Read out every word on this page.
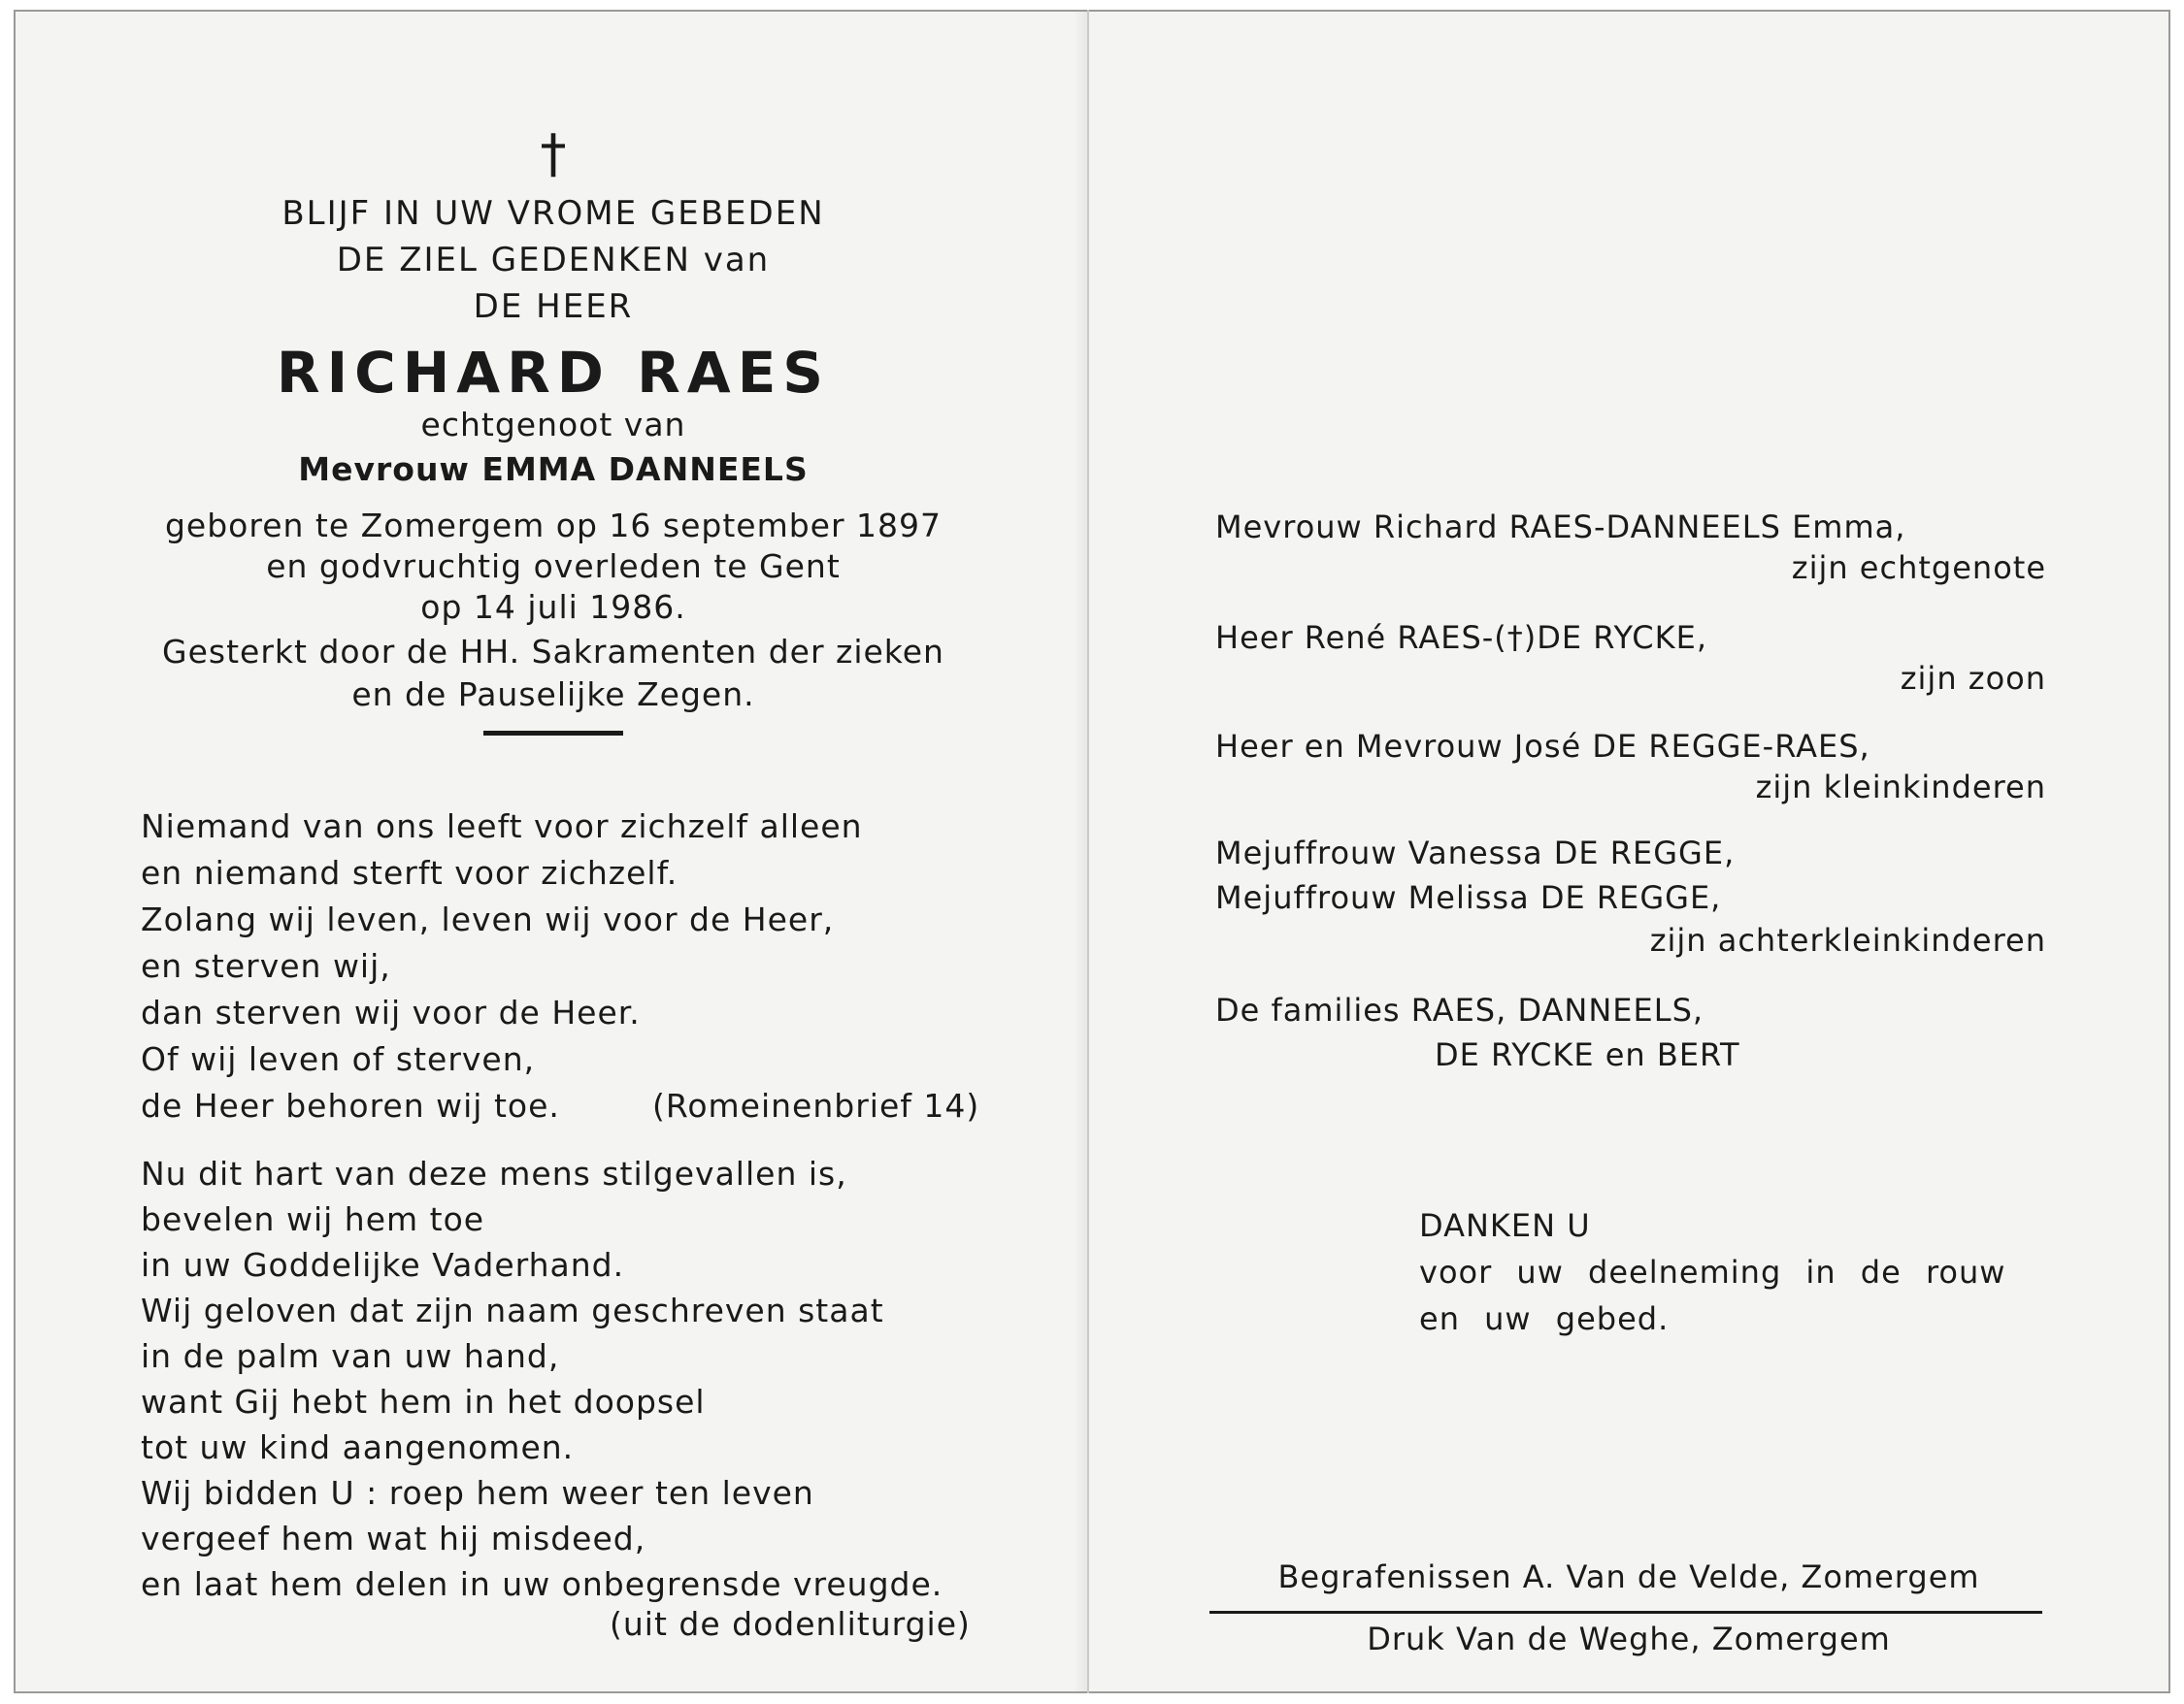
†
BLIJF IN UW VROME GEBEDEN
DE ZIEL GEDENKEN van
DE HEER
RICHARD RAES
echtgenoot van
Mevrouw EMMA DANNEELS
geboren te Zomergem op 16 september 1897
en godvruchtig overleden te Gent
op 14 juli 1986.
Gesterkt door de HH. Sakramenten der zieken
en de Pauselijke Zegen.
Niemand van ons leeft voor zichzelf alleen
en niemand sterft voor zichzelf.
Zolang wij leven, leven wij voor de Heer,
en sterven wij,
dan sterven wij voor de Heer.
Of wij leven of sterven,
de Heer behoren wij toe.	(Romeinenbrief 14)
Nu dit hart van deze mens stilgevallen is,
bevelen wij hem toe
in uw Goddelijke Vaderhand.
Wij geloven dat zijn naam geschreven staat
in de palm van uw hand,
want Gij hebt hem in het doopsel
tot uw kind aangenomen.
Wij bidden U : roep hem weer ten leven
vergeef hem wat hij misdeed,
en laat hem delen in uw onbegrensde vreugde.
(uit de dodenliturgie)
Mevrouw Richard RAES-DANNEELS Emma,
zijn echtgenote
Heer René RAES-(†)DE RYCKE,
zijn zoon
Heer en Mevrouw José DE REGGE-RAES,
zijn kleinkinderen
Mejuffrouw Vanessa DE REGGE,
Mejuffrouw Melissa DE REGGE,
zijn achterkleinkinderen
De families RAES, DANNEELS,
DE RYCKE en BERT
DANKEN U
voor uw deelneming in de rouw
en uw gebed.
Begrafenissen A. Van de Velde, Zomergem
Druk Van de Weghe, Zomergem
